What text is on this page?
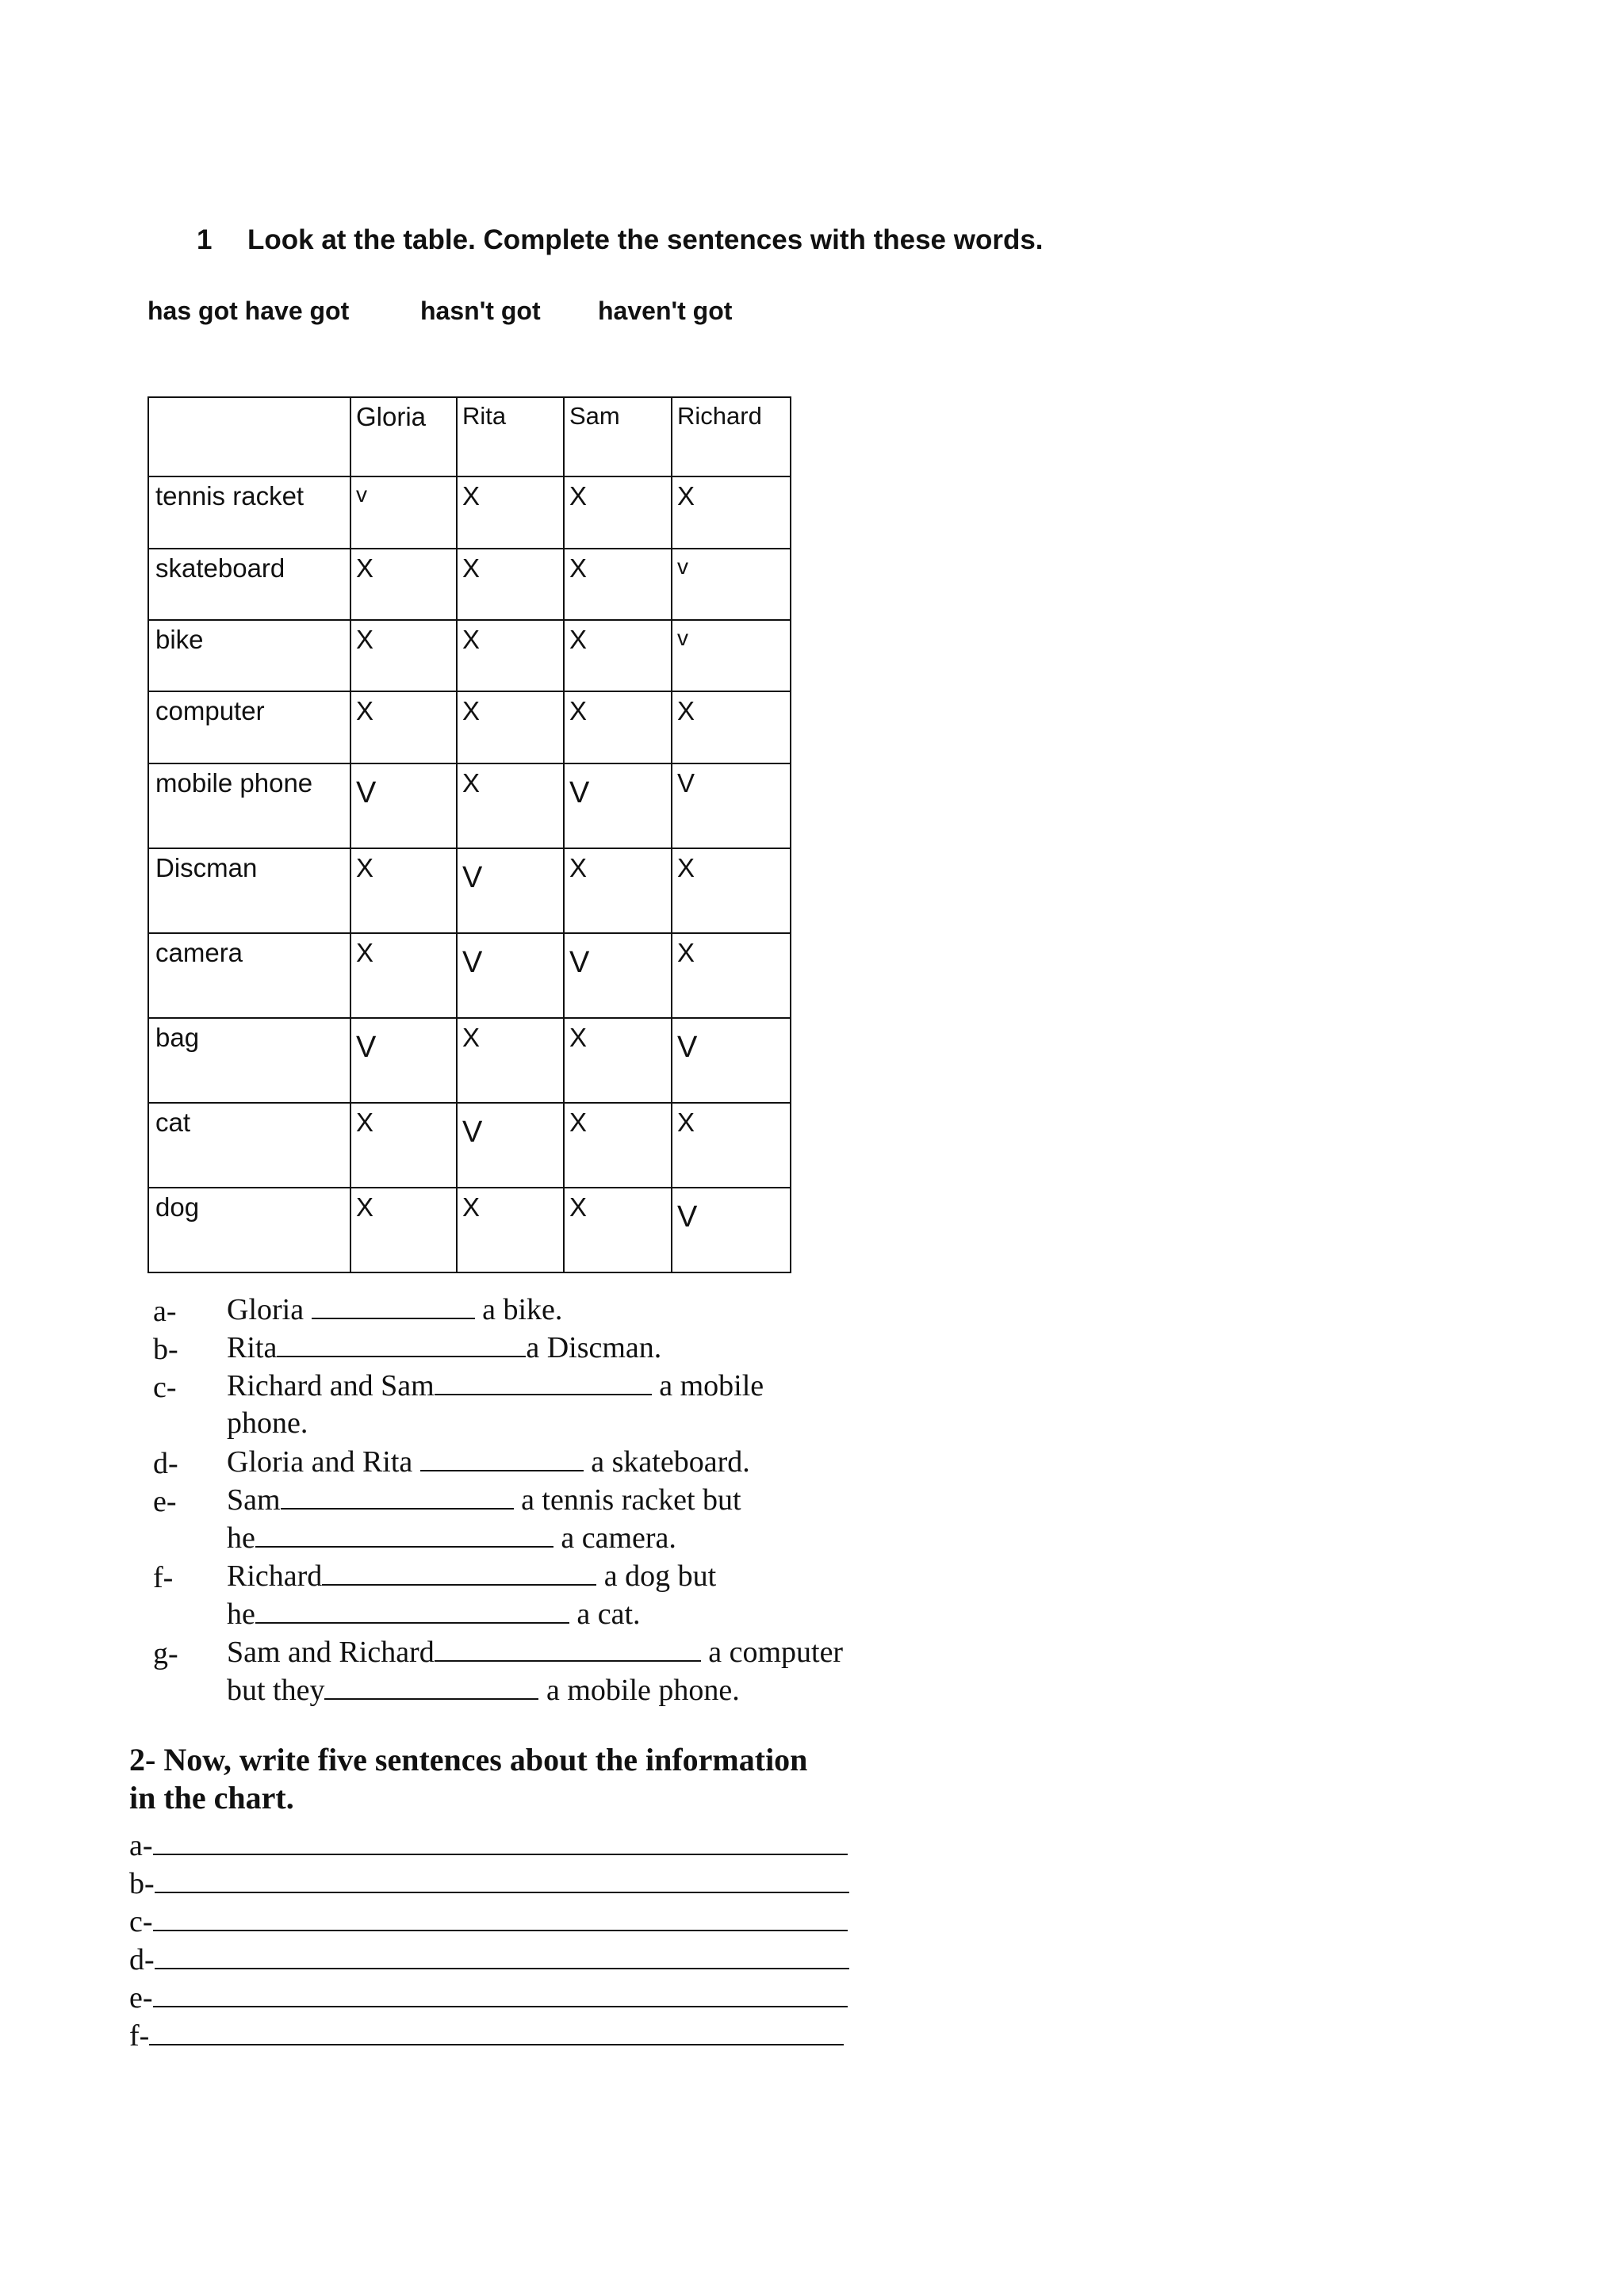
1 Look at the table. Complete the sentences with these words.
has got have got	hasn't got haven't got
	Gloria	Rita	Sam	Richard
tennis racket	v	X	X	X
skateboard	X	X	X	v
bike	X	X	X	v
computer	X	X	X	X
mobile phone	V	X	V	V
Discman	X	V	X	X
camera	X	V	V	X
bag	V	X	X	V
cat	X	V	X	X
dog	X	X	X	V
a- Gloria	a bike.
b- Rita	a Discman.
c- Richard and Sam	a mobile
phone.
d- Gloria and Rita	a skateboard.
e- Sam	a tennis racket but
he	a camera.
f- Richard	a dog but
he	a cat.
g- Sam and Richard	a computer
but they	a mobile phone.
2- Now, write five sentences about the information
in the chart.
a-
b-
c-
d-
e-
f-
